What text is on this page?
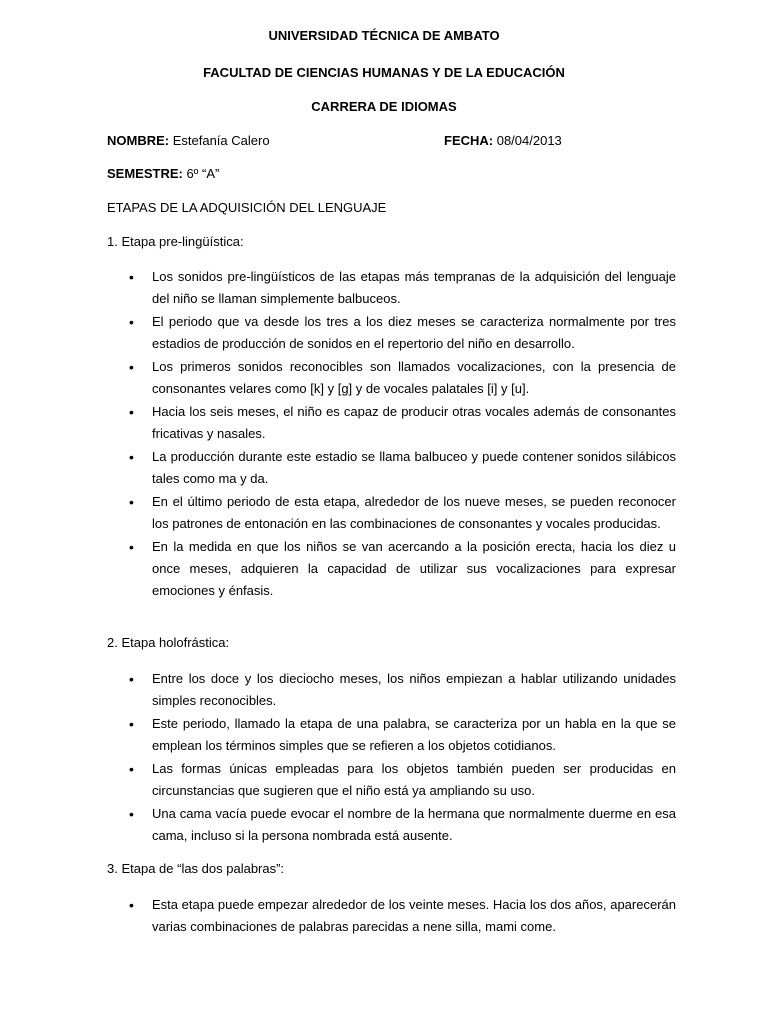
UNIVERSIDAD TÉCNICA DE AMBATO
FACULTAD DE CIENCIAS HUMANAS Y DE LA EDUCACIÓN
CARRERA DE IDIOMAS
NOMBRE: Estefanía Calero	FECHA: 08/04/2013
SEMESTRE: 6º “A”
ETAPAS DE LA ADQUISICIÓN DEL LENGUAJE
1. Etapa pre-lingüística:
• Los sonidos pre-lingüísticos de las etapas más tempranas de la adquisición del lenguaje del niño se llaman simplemente balbuceos.
• El periodo que va desde los tres a los diez meses se caracteriza normalmente por tres estadios de producción de sonidos en el repertorio del niño en desarrollo.
• Los primeros sonidos reconocibles son llamados vocalizaciones, con la presencia de consonantes velares como [k] y [g] y de vocales palatales [i] y [u].
• Hacia los seis meses, el niño es capaz de producir otras vocales además de consonantes fricativas y nasales.
• La producción durante este estadio se llama balbuceo y puede contener sonidos silábicos tales como ma y da.
• En el último periodo de esta etapa, alrededor de los nueve meses, se pueden reconocer los patrones de entonación en las combinaciones de consonantes y vocales producidas.
• En la medida en que los niños se van acercando a la posición erecta, hacia los diez u once meses, adquieren la capacidad de utilizar sus vocalizaciones para expresar emociones y énfasis.
2. Etapa holofrástica:
• Entre los doce y los dieciocho meses, los niños empiezan a hablar utilizando unidades simples reconocibles.
• Este periodo, llamado la etapa de una palabra, se caracteriza por un habla en la que se emplean los términos simples que se refieren a los objetos cotidianos.
• Las formas únicas empleadas para los objetos también pueden ser producidas en circunstancias que sugieren que el niño está ya ampliando su uso.
• Una cama vacía puede evocar el nombre de la hermana que normalmente duerme en esa cama, incluso si la persona nombrada está ausente.
3. Etapa de “las dos palabras”:
• Esta etapa puede empezar alrededor de los veinte meses. Hacia los dos años, aparecerán varias combinaciones de palabras parecidas a nene silla, mami come.
